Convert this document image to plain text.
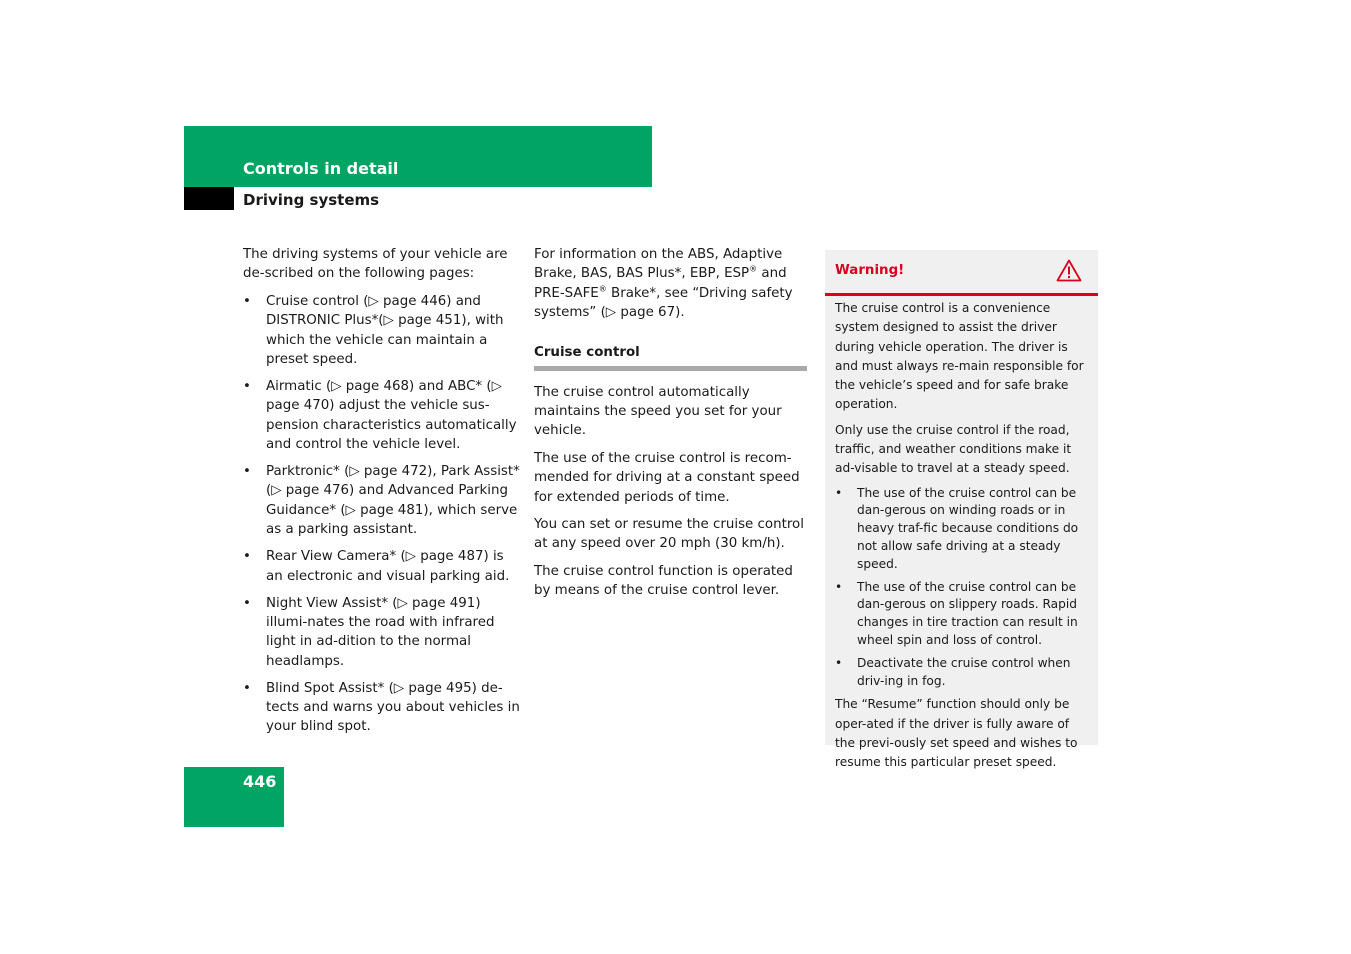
Controls in detail
Driving systems

The driving systems of your vehicle are de-scribed on the following pages:

• Cruise control (▷ page 446) and DISTRONIC Plus*(▷ page 451), with which the vehicle can maintain a preset speed.
• Airmatic (▷ page 468) and ABC* (▷ page 470) adjust the vehicle sus-pension characteristics automatically and control the vehicle level.
• Parktronic* (▷ page 472), Park Assist* (▷ page 476) and Advanced Parking Guidance* (▷ page 481), which serve as a parking assistant.
• Rear View Camera* (▷ page 487) is an electronic and visual parking aid.
• Night View Assist* (▷ page 491) illumi-nates the road with infrared light in ad-dition to the normal headlamps.
• Blind Spot Assist* (▷ page 495) de-tects and warns you about vehicles in your blind spot.

For information on the ABS, Adaptive Brake, BAS, BAS Plus*, EBP, ESP® and PRE-SAFE® Brake*, see “Driving safety systems” (▷ page 67).

Cruise control

The cruise control automatically maintains the speed you set for your vehicle.

The use of the cruise control is recom-mended for driving at a constant speed for extended periods of time.

You can set or resume the cruise control at any speed over 20 mph (30 km/h).

The cruise control function is operated by means of the cruise control lever.

Warning!

The cruise control is a convenience system designed to assist the driver during vehicle operation. The driver is and must always re-main responsible for the vehicle’s speed and for safe brake operation.

Only use the cruise control if the road, traffic, and weather conditions make it ad-visable to travel at a steady speed.

• The use of the cruise control can be dan-gerous on winding roads or in heavy traf-fic because conditions do not allow safe driving at a steady speed.
• The use of the cruise control can be dan-gerous on slippery roads. Rapid changes in tire traction can result in wheel spin and loss of control.
• Deactivate the cruise control when driv-ing in fog.

The “Resume” function should only be oper-ated if the driver is fully aware of the previ-ously set speed and wishes to resume this particular preset speed.

446
